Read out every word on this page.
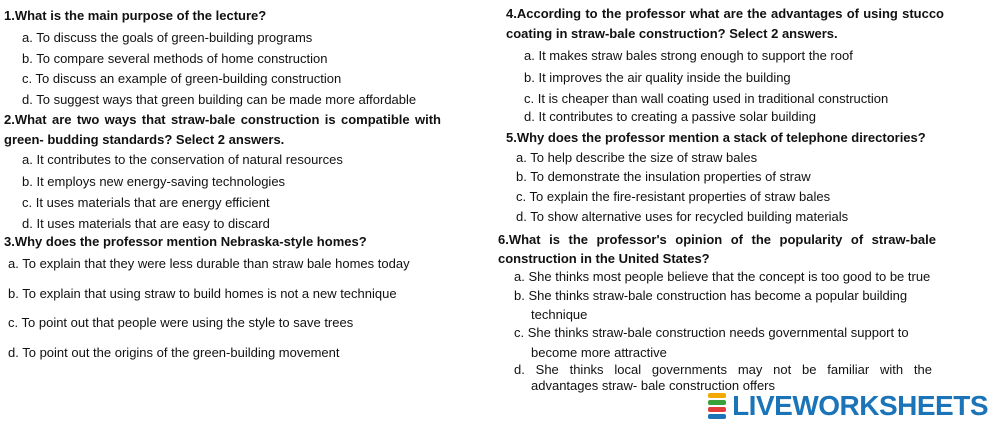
1.What is the main purpose of the lecture?
a. To discuss the goals of green-building programs
b. To compare several methods of home construction
c. To discuss an example of green-building construction
d. To suggest ways that green building can be made more affordable
2.What are two ways that straw-bale construction is compatible with
green- budding standards? Select 2 answers.
a. It contributes to the conservation of natural resources
b. It employs new energy-saving technologies
c. It uses materials that are energy efficient
d. It uses materials that are easy to discard
3.Why does the professor mention Nebraska-style homes?
a. To explain that they were less durable than straw bale homes today
b. To explain that using straw to build homes is not a new technique
c. To point out that people were using the style to save trees
d. To point out the origins of the green-building movement
4.According to the professor what are the advantages of using stucco
coating in straw-bale construction? Select 2 answers.
a. It makes straw bales strong enough to support the roof
b. It improves the air quality inside the building
c. It is cheaper than wall coating used in traditional construction
d. It contributes to creating a passive solar building
5.Why does the professor mention a stack of telephone directories?
a. To help describe the size of straw bales
b. To demonstrate the insulation properties of straw
c. To explain the fire-resistant properties of straw bales
d. To show alternative uses for recycled building materials
6.What is the professor's opinion of the popularity of straw-bale
construction in the United States?
a. She thinks most people believe that the concept is too good to be true
b. She thinks straw-bale construction has become a popular building
technique
c. She thinks straw-bale construction needs governmental support to
become more attractive
d. She thinks local governments may not be familiar with the
advantages straw- bale construction offers
LIVEWORKSHEETS
